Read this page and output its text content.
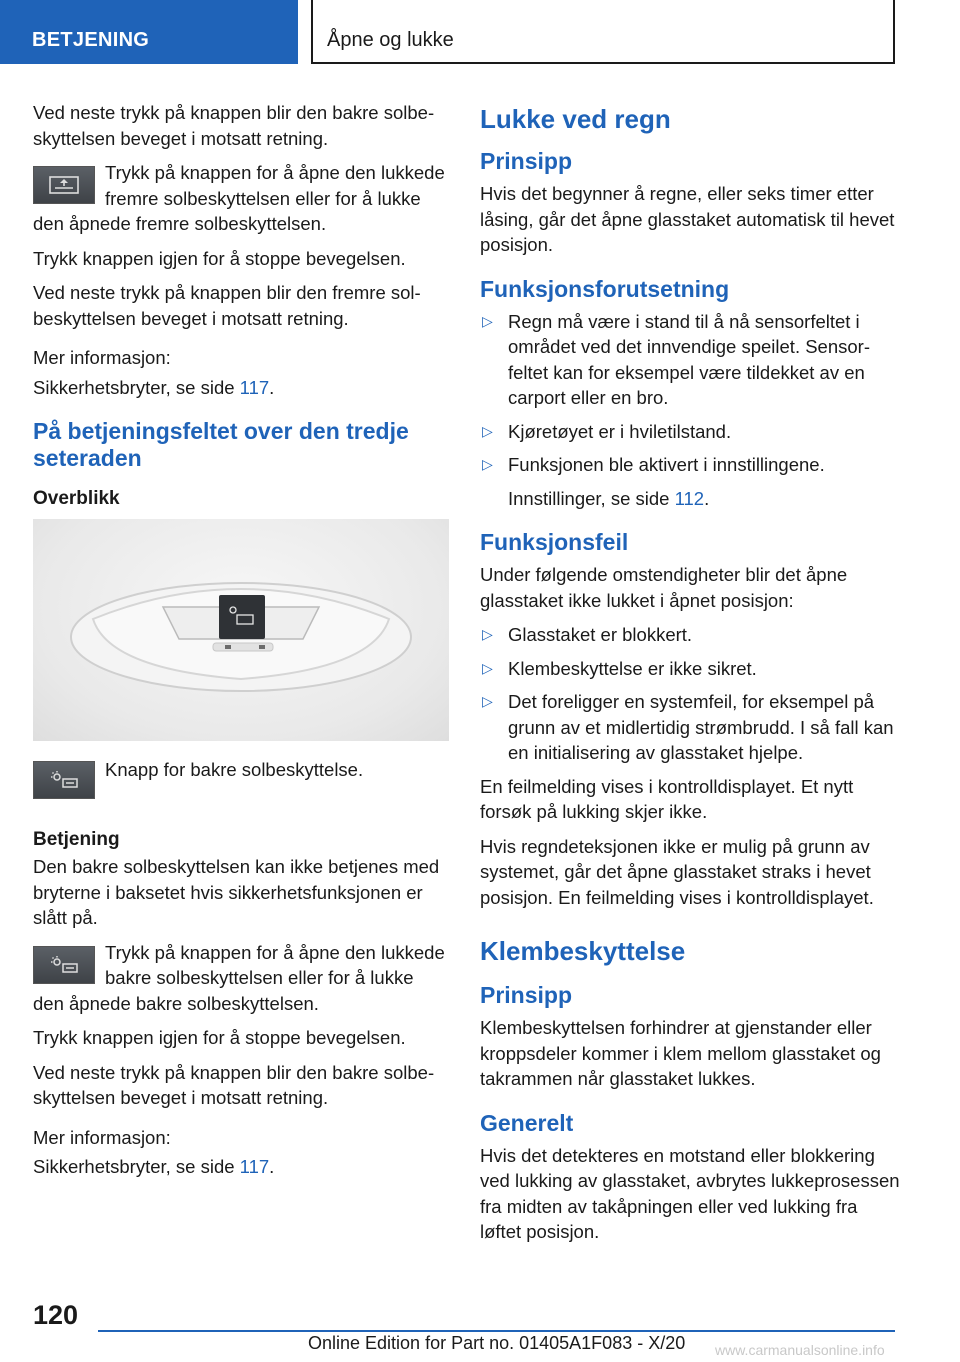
BETJENING	Åpne og lukke

Ved neste trykk på knappen blir den bakre solbeskyttelsen beveget i motsatt retning.

Trykk på knappen for å åpne den lukkede fremre solbeskyttelsen eller for å lukke den åpnede fremre solbeskyttelsen.

Trykk knappen igjen for å stoppe bevegelsen.

Ved neste trykk på knappen blir den fremre solbeskyttelsen beveget i motsatt retning.

Mer informasjon:

Sikkerhetsbryter, se side 117.

På betjeningsfeltet over den tredje seteraden
Overblikk

Knapp for bakre solbeskyttelse.

Betjening

Den bakre solbeskyttelsen kan ikke betjenes med bryterne i baksetet hvis sikkerhetsfunksjonen er slått på.

Trykk på knappen for å åpne den lukkede bakre solbeskyttelsen eller for å lukke den åpnede bakre solbeskyttelsen.

Trykk knappen igjen for å stoppe bevegelsen.

Ved neste trykk på knappen blir den bakre solbeskyttelsen beveget i motsatt retning.

Mer informasjon:

Sikkerhetsbryter, se side 117.

Lukke ved regn
Prinsipp

Hvis det begynner å regne, eller seks timer etter låsing, går det åpne glasstaket automatisk til hevet posisjon.

Funksjonsforutsetning
▷ Regn må være i stand til å nå sensorfeltet i området ved det innvendige speilet. Sensorfeltet kan for eksempel være tildekket av en carport eller en bro.
▷ Kjøretøyet er i hviletilstand.
▷ Funksjonen ble aktivert i innstillingene.

Innstillinger, se side 112.

Funksjonsfeil

Under følgende omstendigheter blir det åpne glasstaket ikke lukket i åpnet posisjon:

▷ Glasstaket er blokkert.
▷ Klembeskyttelse er ikke sikret.
▷ Det foreligger en systemfeil, for eksempel på grunn av et midlertidig strømbrudd. I så fall kan en initialisering av glasstaket hjelpe.

En feilmelding vises i kontrolldisplayet. Et nytt forsøk på lukking skjer ikke.

Hvis regndeteksjonen ikke er mulig på grunn av systemet, går det åpne glasstaket straks i hevet posisjon. En feilmelding vises i kontrolldisplayet.

Klembeskyttelse
Prinsipp

Klembeskyttelsen forhindrer at gjenstander eller kroppsdeler kommer i klem mellom glasstaket og takrammen når glasstaket lukkes.

Generelt

Hvis det detekteres en motstand eller blokkering ved lukking av glasstaket, avbrytes lukkeprosessen fra midten av takåpningen eller ved lukking fra løftet posisjon.

120
Online Edition for Part no. 01405A1F083 - X/20 www.carmanualsonline.info
